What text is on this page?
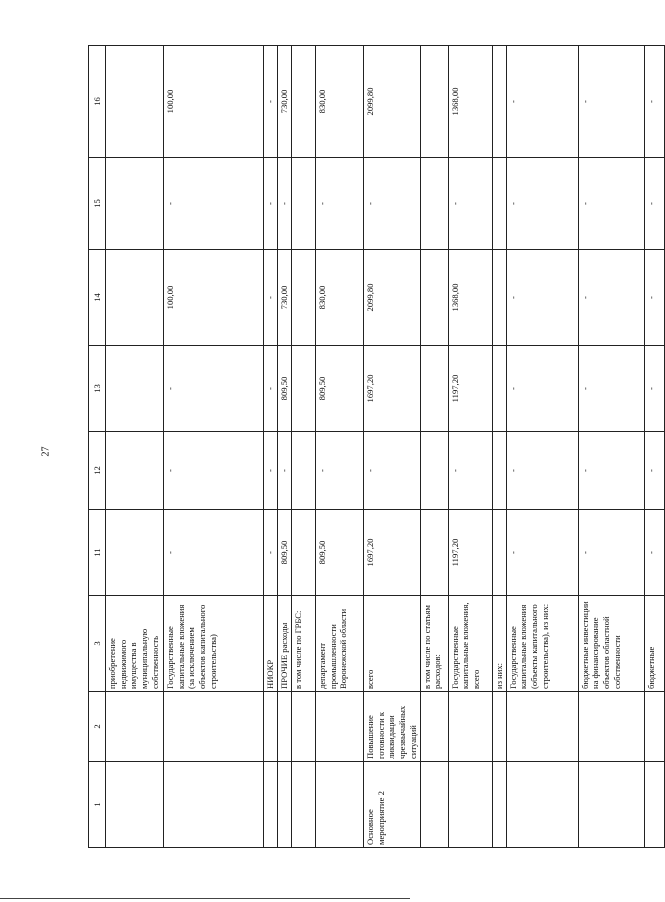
27
1	2	3	11	12	13	14	15	16
		приобретение недвижимого имущества в муниципальную собственность						
		Государственные капитальные вложения (за исключением объектов капитального строительства)	-	-	-	100,00	-	100,00
		НИОКР	-	-	-	-	-	-
		ПРОЧИЕ расходы	809,50	-	809,50	730,00	-	730,00
		в том числе по ГРБС:						
		департамент промышленности Воронежской области	809,50	-	809,50	830,00	-	830,00
Основное мероприятие 2	Повышение готовности к ликвидации чрезвычайных ситуаций	всего	1697,20	-	1697,20	2099,80	-	2099,80
		в том числе по статьям расходов:						
		Государственные капитальные вложения, всего	1197,20	-	1197,20	1368,00	-	1368,00
		из них:						
		Государственные капитальные вложения (объекты капитального строительства), из них:	-	-	-	-	-	-
		бюджетные инвестиции на финансирование объектов областной собственности	-	-	-	-	-	-
		бюджетные	-	-	-	-	-	-
